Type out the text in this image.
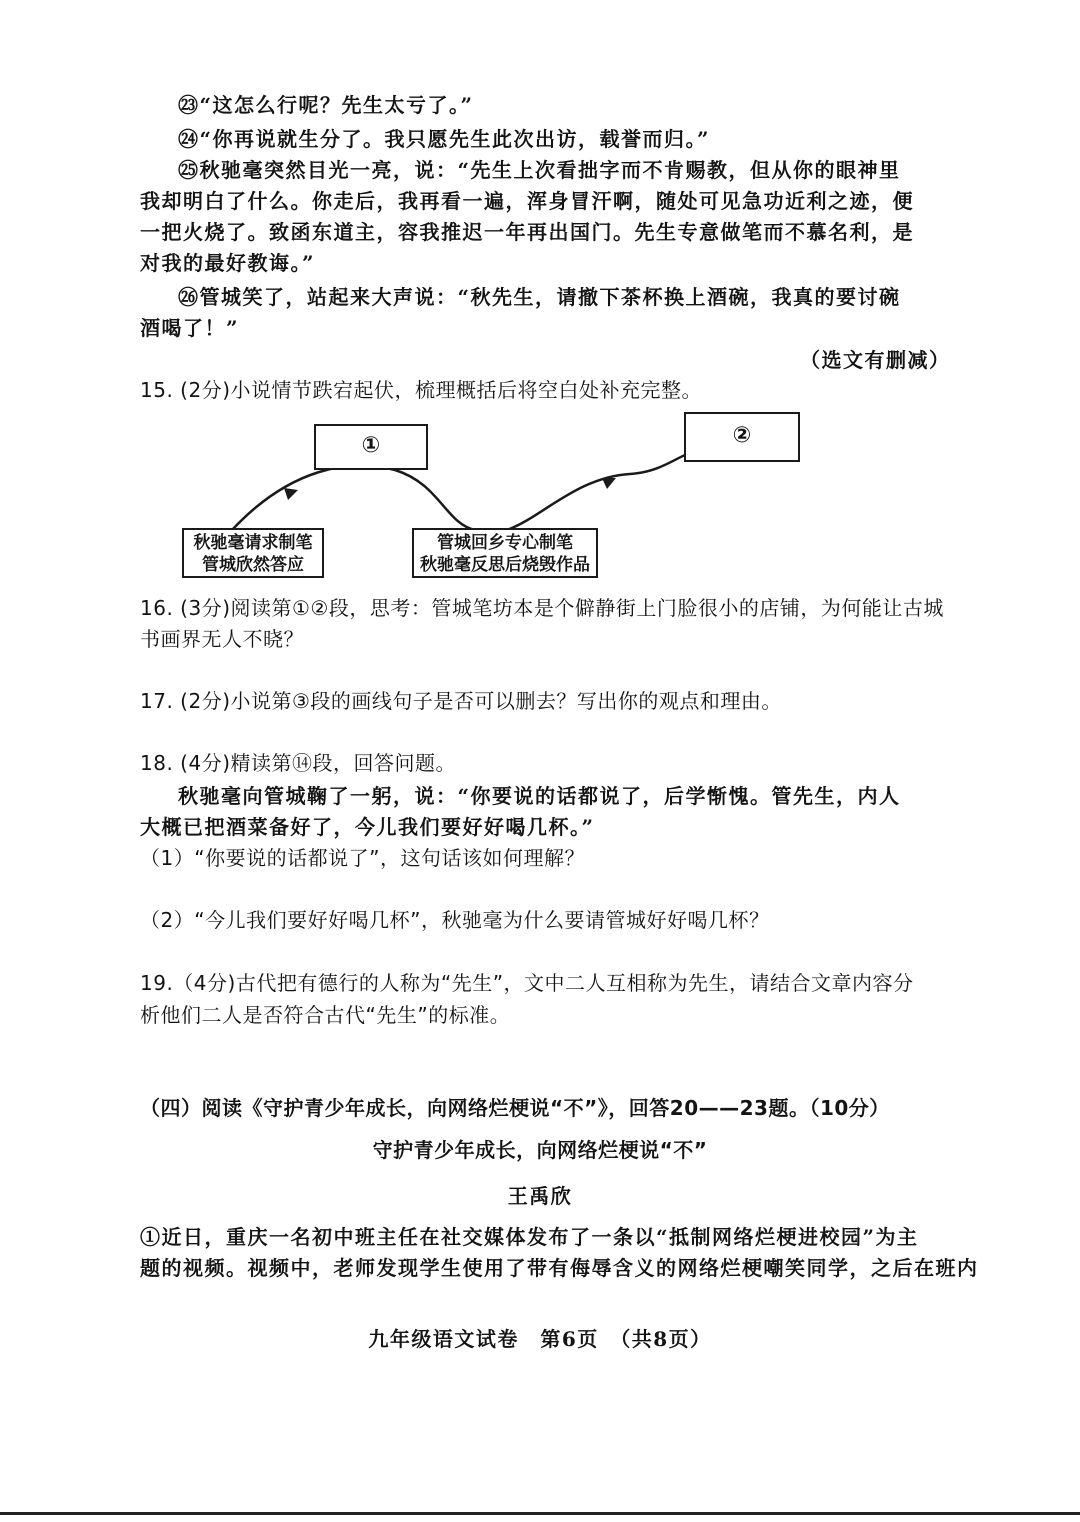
㉓“这怎么行呢？先生太亏了。”
㉔“你再说就生分了。我只愿先生此次出访，载誉而归。”
㉕秋驰毫突然目光一亮，说：“先生上次看拙字而不肯赐教，但从你的眼神里
我却明白了什么。你走后，我再看一遍，浑身冒汗啊，随处可见急功近利之迹，便
一把火烧了。致函东道主，容我推迟一年再出国门。先生专意做笔而不慕名利，是
对我的最好教诲。”
㉖管城笑了，站起来大声说：“秋先生，请撤下茶杯换上酒碗，我真的要讨碗
酒喝了！”
（选文有删减）
15. (2分)小说情节跌宕起伏，梳理概括后将空白处补充完整。
①	②
秋驰毫请求制笔
管城欣然答应
管城回乡专心制笔
秋驰毫反思后烧毁作品
16. (3分)阅读第①②段，思考：管城笔坊本是个僻静街上门脸很小的店铺，为何能让古城
书画界无人不晓？
17. (2分)小说第③段的画线句子是否可以删去？写出你的观点和理由。
18. (4分)精读第⑭段，回答问题。
秋驰毫向管城鞠了一躬，说：“你要说的话都说了，后学惭愧。管先生，内人
大概已把酒菜备好了，今儿我们要好好喝几杯。”
（1）“你要说的话都说了”，这句话该如何理解？
（2）“今儿我们要好好喝几杯”，秋驰毫为什么要请管城好好喝几杯？
19.（4分)古代把有德行的人称为“先生”，文中二人互相称为先生，请结合文章内容分
析他们二人是否符合古代“先生”的标准。
（四）阅读《守护青少年成长，向网络烂梗说“不”》，回答20——23题。（10分）
守护青少年成长，向网络烂梗说“不”
王禹欣
①近日，重庆一名初中班主任在社交媒体发布了一条以“抵制网络烂梗进校园”为主
题的视频。视频中，老师发现学生使用了带有侮辱含义的网络烂梗嘲笑同学，之后在班内
九年级语文试卷　第6页　（共8页）
